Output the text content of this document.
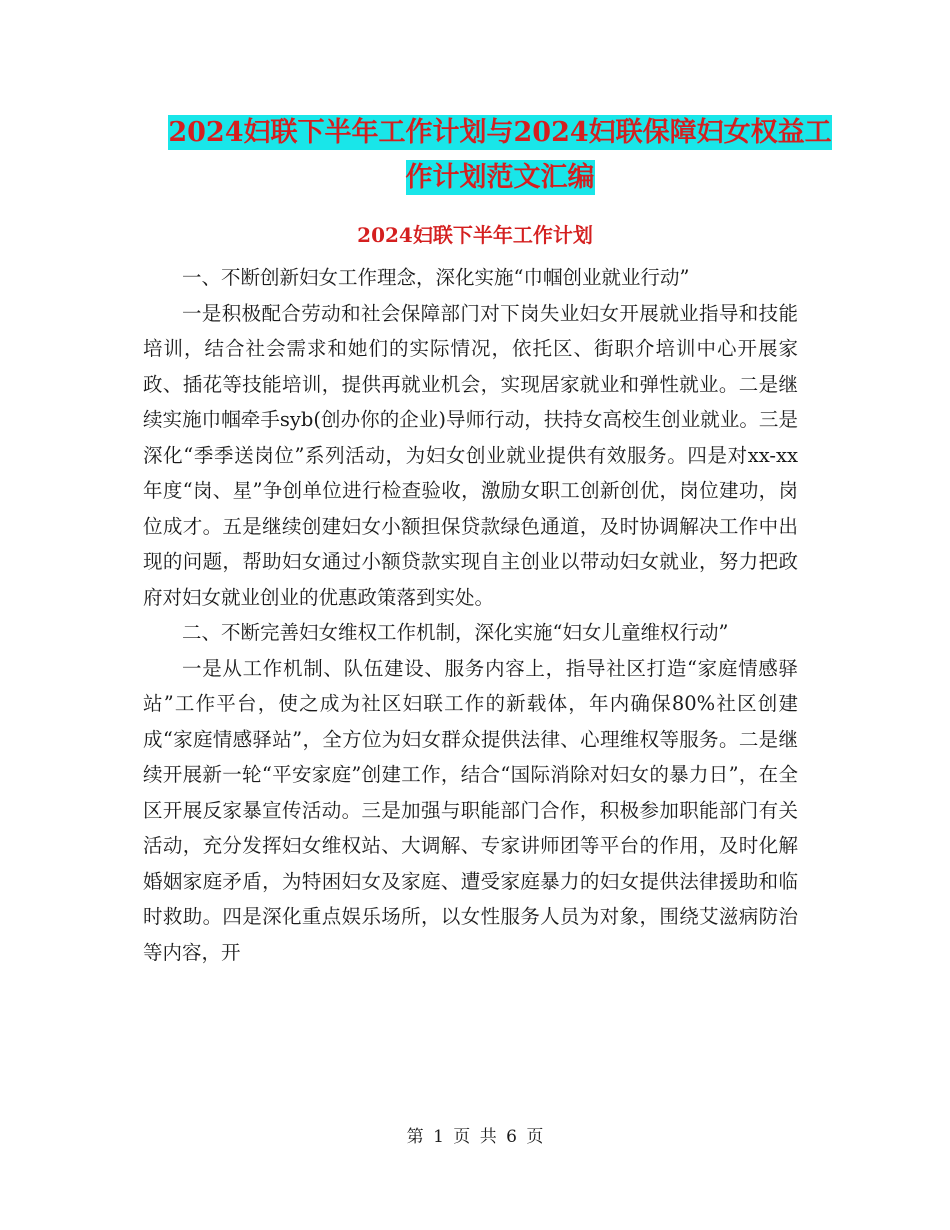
2024妇联下半年工作计划与2024妇联保障妇女权益工
作计划范文汇编
2024妇联下半年工作计划

一、不断创新妇女工作理念，深化实施“巾帼创业就业行动”

一是积极配合劳动和社会保障部门对下岗失业妇女开展就业指导和技能培训，结合社会需求和她们的实际情况，依托区、街职介培训中心开展家政、插花等技能培训，提供再就业机会，实现居家就业和弹性就业。二是继续实施巾帼牵手syb(创办你的企业)导师行动，扶持女高校生创业就业。三是深化“季季送岗位”系列活动，为妇女创业就业提供有效服务。四是对xx-xx年度“岗、星”争创单位进行检查验收，激励女职工创新创优，岗位建功，岗位成才。五是继续创建妇女小额担保贷款绿色通道，及时协调解决工作中出现的问题，帮助妇女通过小额贷款实现自主创业以带动妇女就业，努力把政府对妇女就业创业的优惠政策落到实处。

二、不断完善妇女维权工作机制，深化实施“妇女儿童维权行动”

一是从工作机制、队伍建设、服务内容上，指导社区打造“家庭情感驿站”工作平台，使之成为社区妇联工作的新载体，年内确保80%社区创建成“家庭情感驿站”，全方位为妇女群众提供法律、心理维权等服务。二是继续开展新一轮“平安家庭”创建工作，结合“国际消除对妇女的暴力日”，在全区开展反家暴宣传活动。三是加强与职能部门合作，积极参加职能部门有关活动，充分发挥妇女维权站、大调解、专家讲师团等平台的作用，及时化解婚姻家庭矛盾，为特困妇女及家庭、遭受家庭暴力的妇女提供法律援助和临时救助。四是深化重点娱乐场所，以女性服务人员为对象，围绕艾滋病防治等内容，开

第 1 页 共 6 页
